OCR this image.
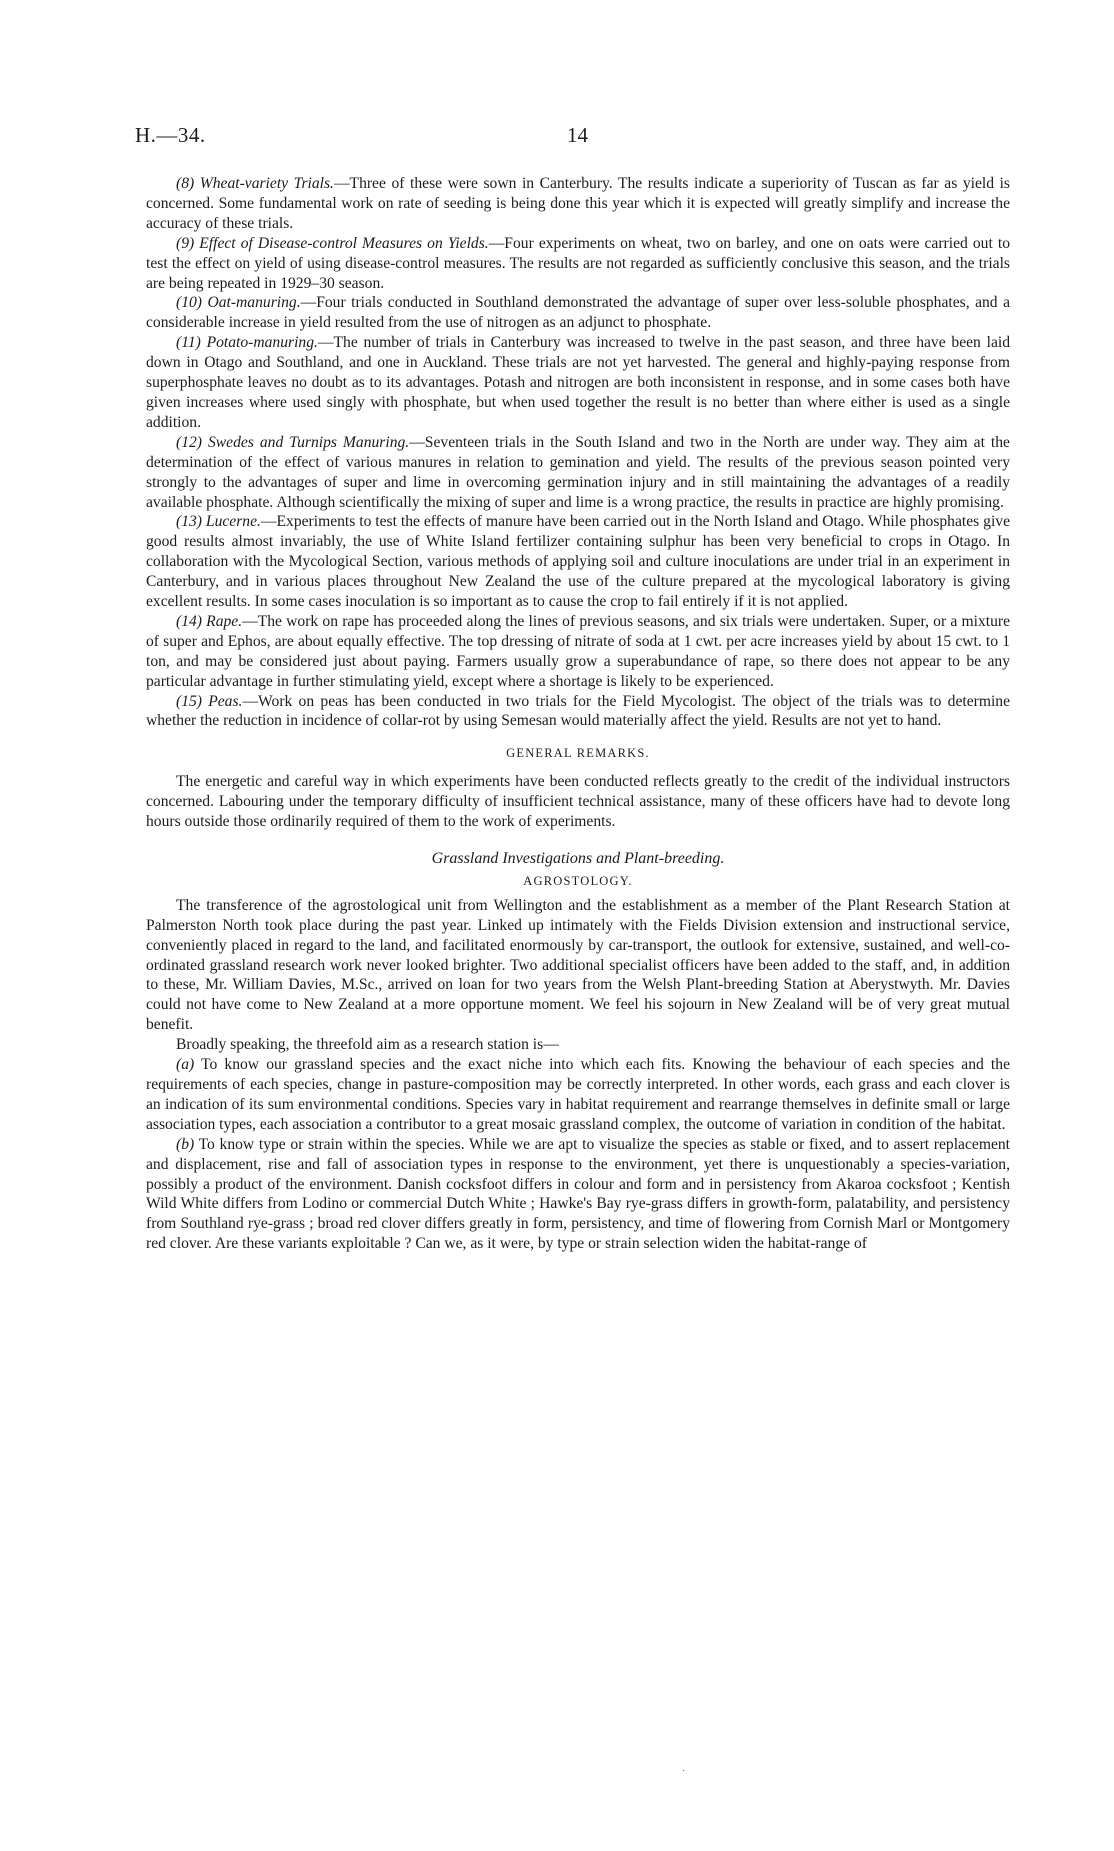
H.—34.	14

(8) Wheat-variety Trials.—Three of these were sown in Canterbury. The results indicate a superiority of Tuscan as far as yield is concerned. Some fundamental work on rate of seeding is being done this year which it is expected will greatly simplify and increase the accuracy of these trials.

(9) Effect of Disease-control Measures on Yields.—Four experiments on wheat, two on barley, and one on oats were carried out to test the effect on yield of using disease-control measures. The results are not regarded as sufficiently conclusive this season, and the trials are being repeated in 1929–30 season.

(10) Oat-manuring.—Four trials conducted in Southland demonstrated the advantage of super over less-soluble phosphates, and a considerable increase in yield resulted from the use of nitrogen as an adjunct to phosphate.

(11) Potato-manuring.—The number of trials in Canterbury was increased to twelve in the past season, and three have been laid down in Otago and Southland, and one in Auckland. These trials are not yet harvested. The general and highly-paying response from superphosphate leaves no doubt as to its advantages. Potash and nitrogen are both inconsistent in response, and in some cases both have given increases where used singly with phosphate, but when used together the result is no better than where either is used as a single addition.

(12) Swedes and Turnips Manuring.—Seventeen trials in the South Island and two in the North are under way. They aim at the determination of the effect of various manures in relation to gemination and yield. The results of the previous season pointed very strongly to the advantages of super and lime in overcoming germination injury and in still maintaining the advantages of a readily available phosphate. Although scientifically the mixing of super and lime is a wrong practice, the results in practice are highly promising.

(13) Lucerne.—Experiments to test the effects of manure have been carried out in the North Island and Otago. While phosphates give good results almost invariably, the use of White Island fertilizer containing sulphur has been very beneficial to crops in Otago. In collaboration with the Mycological Section, various methods of applying soil and culture inoculations are under trial in an experiment in Canterbury, and in various places throughout New Zealand the use of the culture prepared at the mycological laboratory is giving excellent results. In some cases inoculation is so important as to cause the crop to fail entirely if it is not applied.

(14) Rape.—The work on rape has proceeded along the lines of previous seasons, and six trials were undertaken. Super, or a mixture of super and Ephos, are about equally effective. The top dressing of nitrate of soda at 1 cwt. per acre increases yield by about 15 cwt. to 1 ton, and may be considered just about paying. Farmers usually grow a superabundance of rape, so there does not appear to be any particular advantage in further stimulating yield, except where a shortage is likely to be experienced.

(15) Peas.—Work on peas has been conducted in two trials for the Field Mycologist. The object of the trials was to determine whether the reduction in incidence of collar-rot by using Semesan would materially affect the yield. Results are not yet to hand.

GENERAL REMARKS.

The energetic and careful way in which experiments have been conducted reflects greatly to the credit of the individual instructors concerned. Labouring under the temporary difficulty of insufficient technical assistance, many of these officers have had to devote long hours outside those ordinarily required of them to the work of experiments.

Grassland Investigations and Plant-breeding.

AGROSTOLOGY.

The transference of the agrostological unit from Wellington and the establishment as a member of the Plant Research Station at Palmerston North took place during the past year. Linked up intimately with the Fields Division extension and instructional service, conveniently placed in regard to the land, and facilitated enormously by car-transport, the outlook for extensive, sustained, and well-co-ordinated grassland research work never looked brighter. Two additional specialist officers have been added to the staff, and, in addition to these, Mr. William Davies, M.Sc., arrived on loan for two years from the Welsh Plant-breeding Station at Aberystwyth. Mr. Davies could not have come to New Zealand at a more opportune moment. We feel his sojourn in New Zealand will be of very great mutual benefit.

Broadly speaking, the threefold aim as a research station is—

(a) To know our grassland species and the exact niche into which each fits. Knowing the behaviour of each species and the requirements of each species, change in pasture-composition may be correctly interpreted. In other words, each grass and each clover is an indication of its sum environmental conditions. Species vary in habitat requirement and rearrange themselves in definite small or large association types, each association a contributor to a great mosaic grassland complex, the outcome of variation in condition of the habitat.

(b) To know type or strain within the species. While we are apt to visualize the species as stable or fixed, and to assert replacement and displacement, rise and fall of association types in response to the environment, yet there is unquestionably a species-variation, possibly a product of the environment. Danish cocksfoot differs in colour and form and in persistency from Akaroa cocksfoot ; Kentish Wild White differs from Lodino or commercial Dutch White ; Hawke's Bay rye-grass differs in growth-form, palatability, and persistency from Southland rye-grass ; broad red clover differs greatly in form, persistency, and time of flowering from Cornish Marl or Montgomery red clover. Are these variants exploitable ? Can we, as it were, by type or strain selection widen the habitat-range of

·
